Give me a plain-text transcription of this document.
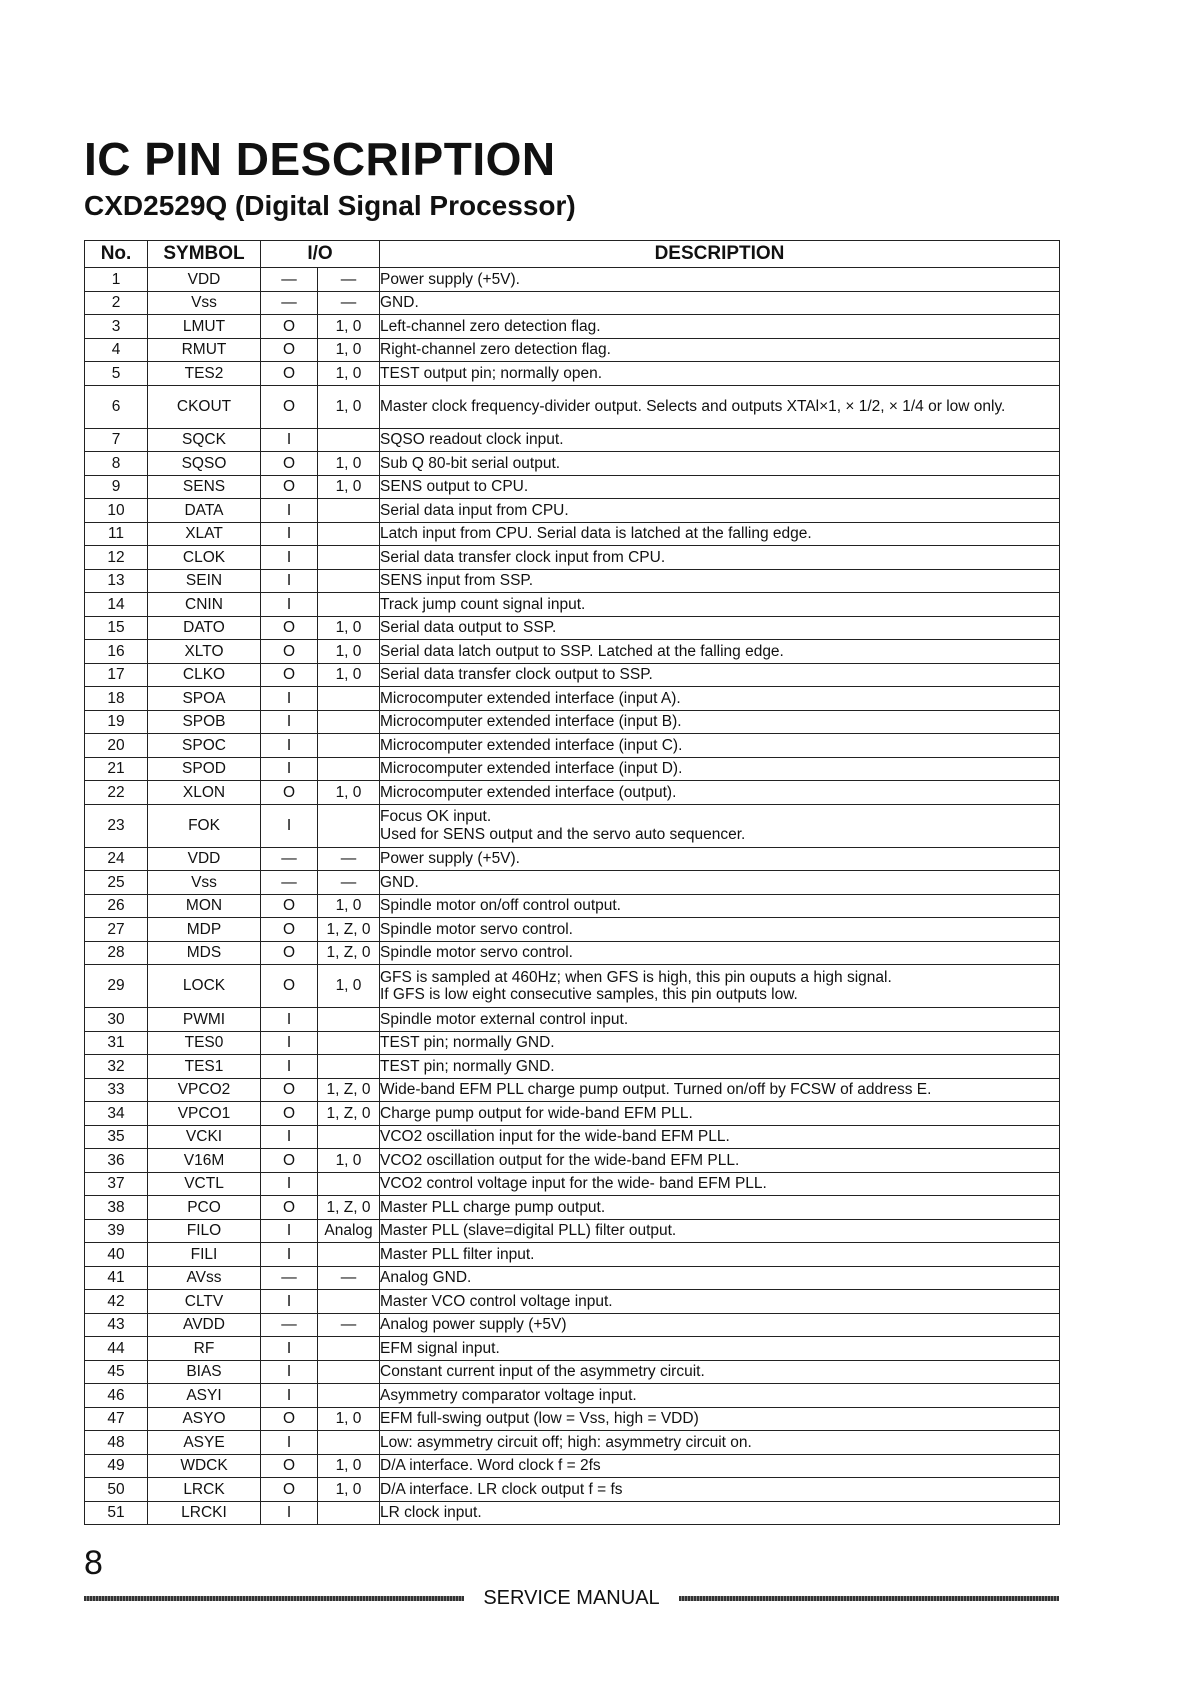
IC PIN DESCRIPTION
CXD2529Q (Digital Signal Processor)
No.	SYMBOL	I/O		DESCRIPTION
1	VDD	—	—	Power supply (+5V).

2	Vss	—	—	GND.

3	LMUT	O	1, 0	Left-channel zero detection flag.

4	RMUT	O	1, 0	Right-channel zero detection flag.

5	TES2	O	1, 0	TEST output pin; normally open.

6	CKOUT	O	1, 0	Master clock frequency-divider output. Selects and outputs XTAl×1, × 1/2, × 1/4 or low only.

7	SQCK	I		SQSO readout clock input.

8	SQSO	O	1, 0	Sub Q 80-bit serial output.

9	SENS	O	1, 0	SENS output to CPU.

10	DATA	I		Serial data input from CPU.

11	XLAT	I		Latch input from CPU. Serial data is latched at the falling edge.

12	CLOK	I		Serial data transfer clock input from CPU.

13	SEIN	I		SENS input from SSP.

14	CNIN	I		Track jump count signal input.

15	DATO	O	1, 0	Serial data output to SSP.

16	XLTO	O	1, 0	Serial data latch output to SSP. Latched at the falling edge.

17	CLKO	O	1, 0	Serial data transfer clock output to SSP.

18	SPOA	I		Microcomputer extended interface (input A).

19	SPOB	I		Microcomputer extended interface (input B).

20	SPOC	I		Microcomputer extended interface (input C).

21	SPOD	I		Microcomputer extended interface (input D).

22	XLON	O	1, 0	Microcomputer extended interface (output).

23	FOK	I		Focus OK input.
Used for SENS output and the servo auto sequencer.

24	VDD	—	—	Power supply (+5V).

25	Vss	—	—	GND.

26	MON	O	1, 0	Spindle motor on/off control output.

27	MDP	O	1, Z, 0	Spindle motor servo control.

28	MDS	O	1, Z, 0	Spindle motor servo control.

29	LOCK	O	1, 0	GFS is sampled at 460Hz; when GFS is high, this pin ouputs a high signal.
If GFS is low eight consecutive samples, this pin outputs low.

30	PWMI	I		Spindle motor external control input.

31	TES0	I		TEST pin; normally GND.

32	TES1	I		TEST pin; normally GND.

33	VPCO2	O	1, Z, 0	Wide-band EFM PLL charge pump output. Turned on/off by FCSW of address E.

34	VPCO1	O	1, Z, 0	Charge pump output for wide-band EFM PLL.

35	VCKI	I		VCO2 oscillation input for the wide-band EFM PLL.

36	V16M	O	1, 0	VCO2 oscillation output for the wide-band EFM PLL.

37	VCTL	I		VCO2 control voltage input for the wide- band EFM PLL.

38	PCO	O	1, Z, 0	Master PLL charge pump output.

39	FILO	I	Analog	Master PLL (slave=digital PLL) filter output.

40	FILI	I		Master PLL filter input.

41	AVss	—	—	Analog GND.

42	CLTV	I		Master VCO control voltage input.

43	AVDD	—	—	Analog power supply (+5V)

44	RF	I		EFM signal input.

45	BIAS	I		Constant current input of the asymmetry circuit.

46	ASYI	I		Asymmetry comparator voltage input.

47	ASYO	O	1, 0	EFM full-swing output (low = Vss, high = VDD)

48	ASYE	I		Low: asymmetry circuit off; high: asymmetry circuit on.

49	WDCK	O	1, 0	D/A interface. Word clock f = 2fs

50	LRCK	O	1, 0	D/A interface. LR clock output f = fs

51	LRCKI	I		LR clock input.
8
SERVICE MANUAL
